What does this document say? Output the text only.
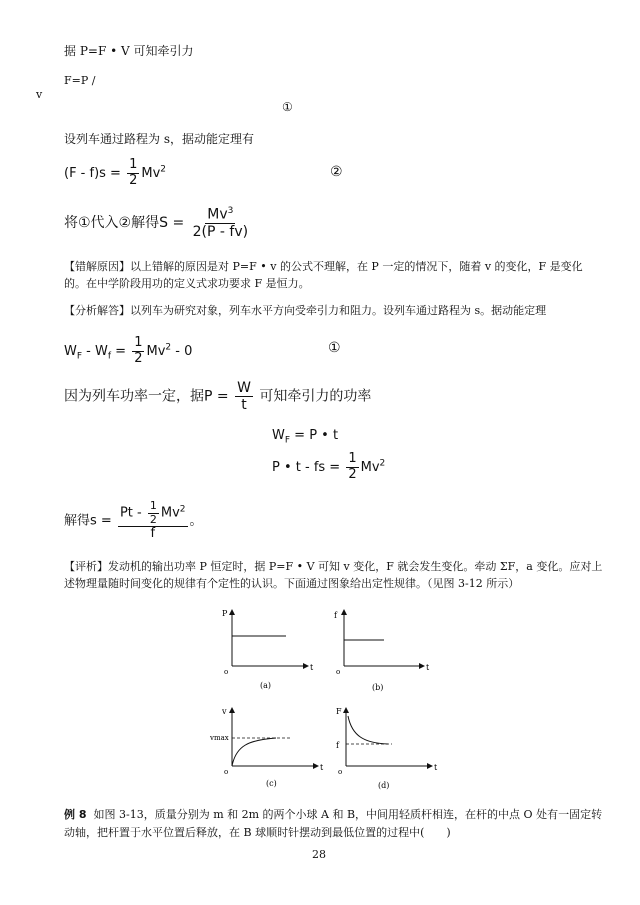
据 P=F • V 可知牵引力
F=P /
v
①
设列车通过路程为 s，据动能定理有
$(F - f)s = \frac{1}{2} Mv^2$	②
将①代入②解得$S = \frac{Mv^3}{2(P - fv)}$
【错解原因】以上错解的原因是对 P=F • v 的公式不理解，在 P 一定的情况下，随着 v 的变化，F 是变化的。在中学阶段用功的定义式求功要求 F 是恒力。
【分析解答】以列车为研究对象，列车水平方向受牵引力和阻力。设列车通过路程为 s。据动能定理
$W_F - W_f = \frac{1}{2} Mv^2 - 0$	①
因为列车功率一定，据$P = \frac{W}{t}$ 可知牵引力的功率
$W_F = P$ • t
P • t - fs = $\frac{1}{2} Mv^2$
解得$s = \frac{Pt - \frac{1}{2} Mv^2}{f}$ 。
【评析】发动机的输出功率 P 恒定时，据 P=F • V 可知 v 变化，F 就会发生变化。牵动 ΣF，a 变化。应对上述物理量随时间变化的规律有个定性的认识。下面通过图象给出定性规律。（见图 3-12 所示）
P
t
o
(a)
f
t
o
(b)
v
t
o
vmax
(c)
F
t
o
f
(d)
例 8 如图 3-13，质量分别为 m 和 2m 的两个小球 A 和 B，中间用轻质杆相连，在杆的中点 O 处有一固定转动轴，把杆置于水平位置后释放，在 B 球顺时针摆动到最低位置的过程中(　　)
28
